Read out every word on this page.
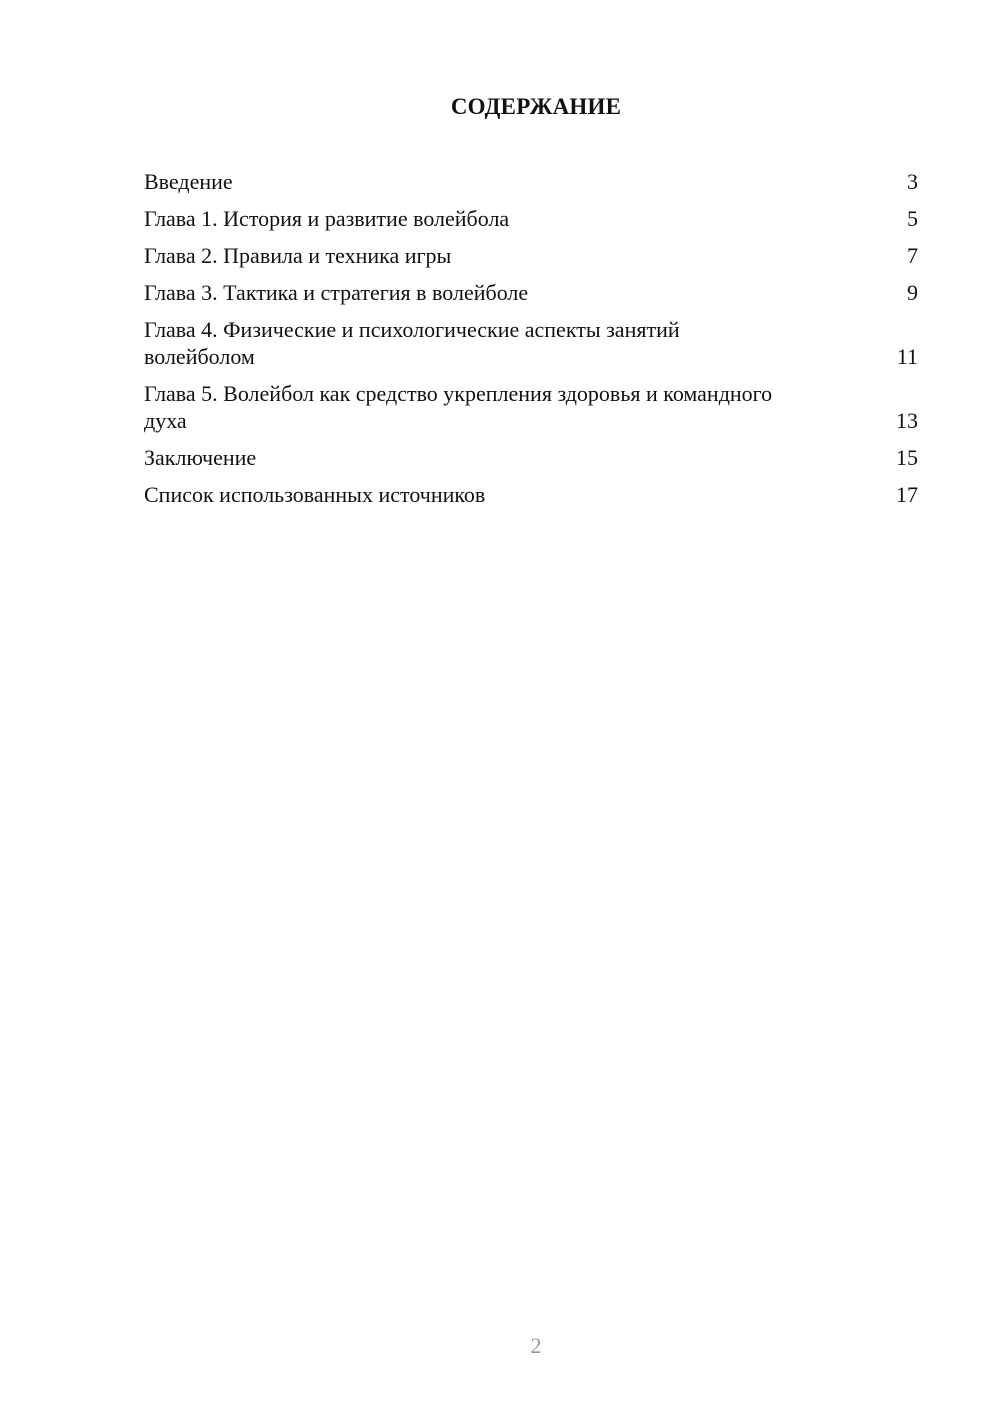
СОДЕРЖАНИЕ
Введение	3
Глава 1. История и развитие волейбола	5
Глава 2. Правила и техника игры	7
Глава 3. Тактика и стратегия в волейболе	9
Глава 4. Физические и психологические аспекты занятий волейболом	11
Глава 5. Волейбол как средство укрепления здоровья и командного духа	13
Заключение	15
Список использованных источников	17
2
